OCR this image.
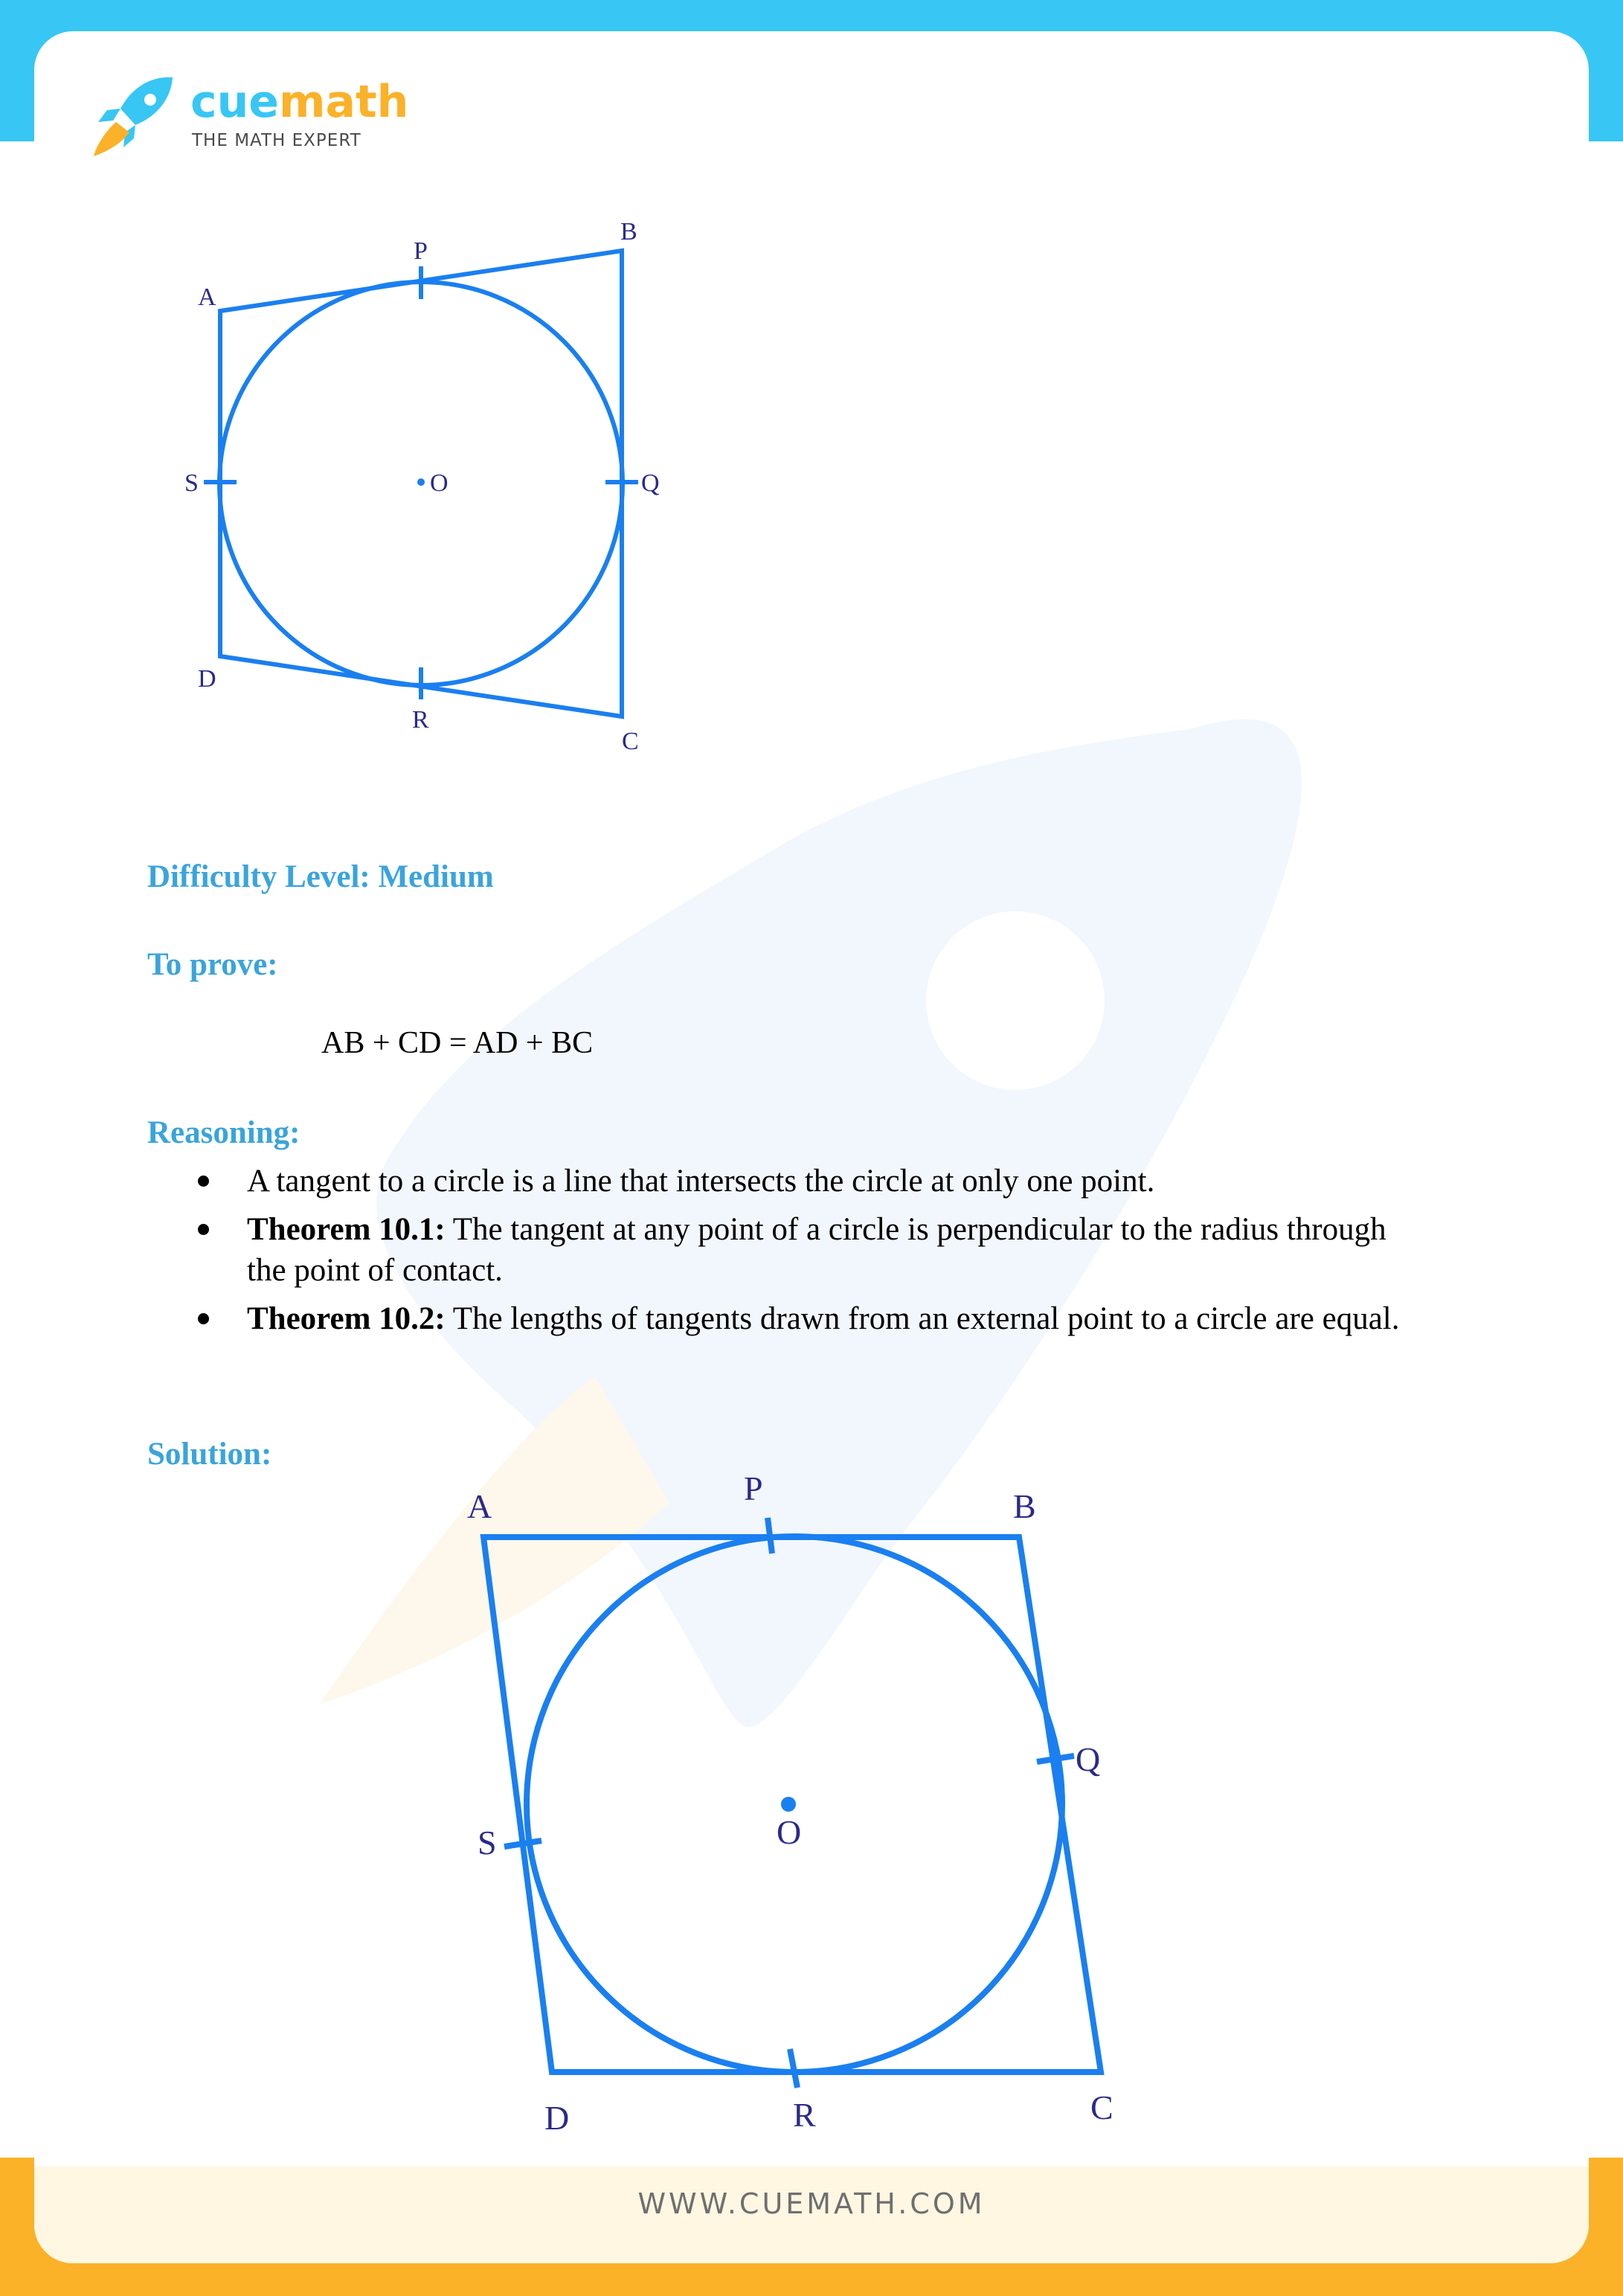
cuemath
THE MATH EXPERT
A
B
C
D
P
Q
R
S	O
Difficulty Level: Medium
To prove:
AB + CD = AD + BC
Reasoning:
A tangent to a circle is a line that intersects the circle at only one point.
Theorem 10.1: The tangent at any point of a circle is perpendicular to the radius through the point of contact.
Theorem 10.2: The lengths of tangents drawn from an external point to a circle are equal.
Solution:
A	B
C
D
P
Q
R
S	O
WWW.CUEMATH.COM
